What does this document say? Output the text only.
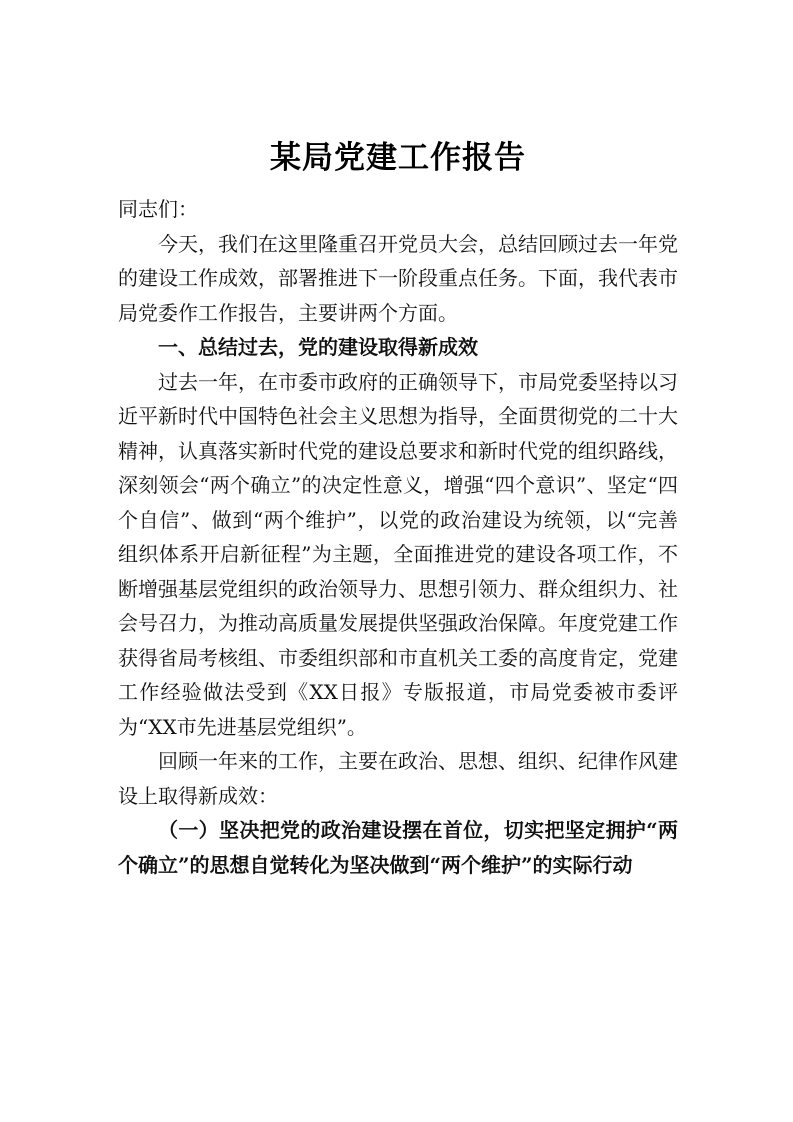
某局党建工作报告

同志们：

今天，我们在这里隆重召开党员大会，总结回顾过去一年党的建设工作成效，部署推进下一阶段重点任务。下面，我代表市局党委作工作报告，主要讲两个方面。

一、总结过去，党的建设取得新成效

过去一年，在市委市政府的正确领导下，市局党委坚持以习近平新时代中国特色社会主义思想为指导，全面贯彻党的二十大精神，认真落实新时代党的建设总要求和新时代党的组织路线，深刻领会“两个确立”的决定性意义，增强“四个意识”、坚定“四个自信”、做到“两个维护”，以党的政治建设为统领，以“完善组织体系开启新征程”为主题，全面推进党的建设各项工作，不断增强基层党组织的政治领导力、思想引领力、群众组织力、社会号召力，为推动高质量发展提供坚强政治保障。年度党建工作获得省局考核组、市委组织部和市直机关工委的高度肯定，党建工作经验做法受到《XX日报》专版报道，市局党委被市委评为“XX市先进基层党组织”。

回顾一年来的工作，主要在政治、思想、组织、纪律作风建设上取得新成效：

（一）坚决把党的政治建设摆在首位，切实把坚定拥护“两个确立”的思想自觉转化为坚决做到“两个维护”的实际行动
